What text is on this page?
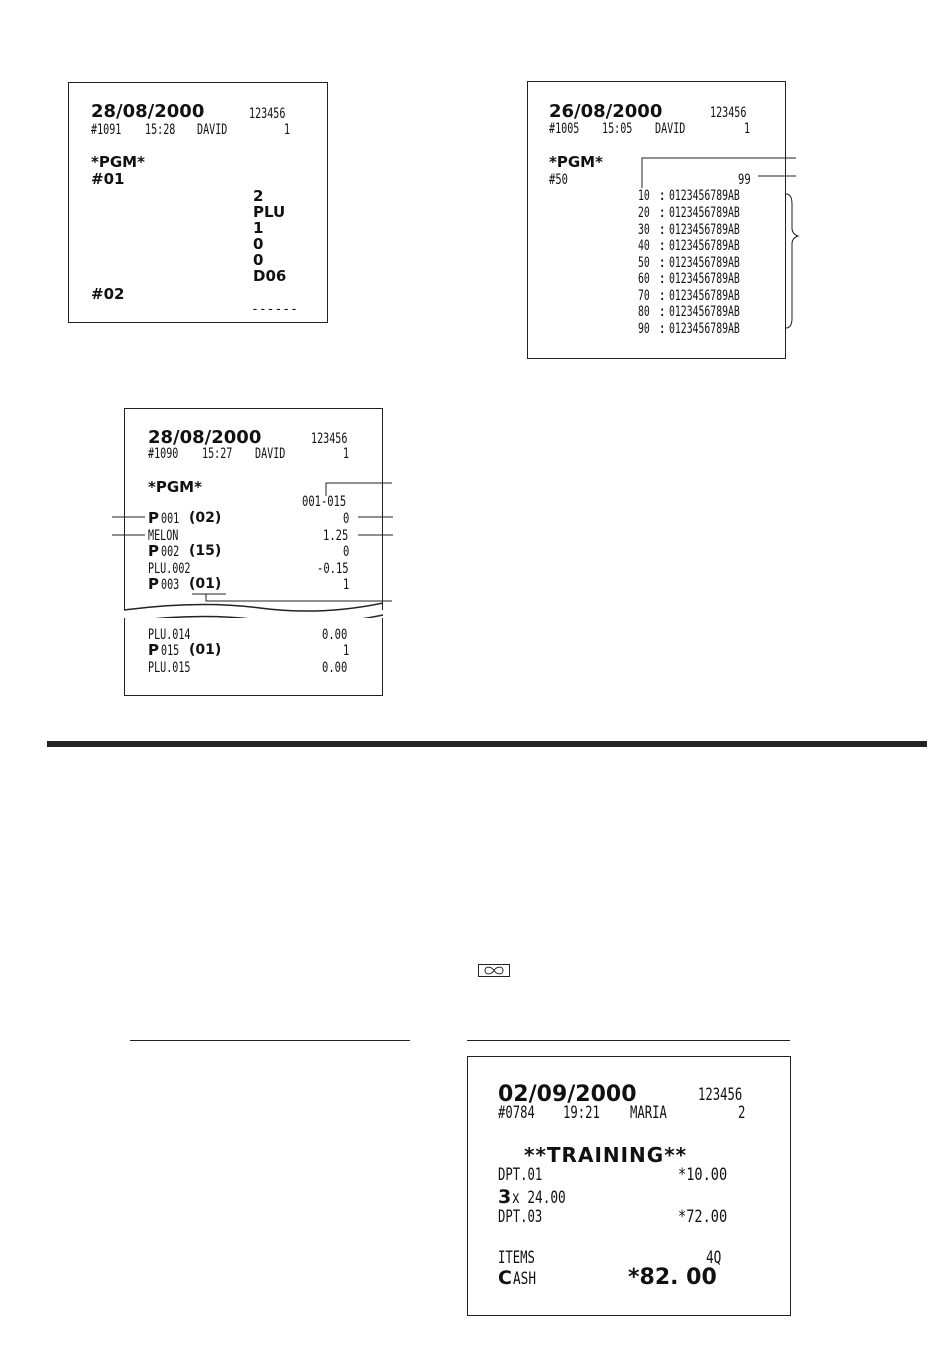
28/08/2000	123456
#1091 15:28 DAVID	1
*PGM*
#01
2
PLU
1
0
0
D06
#02
------
26/08/2000	123456
#1005 15:05 DAVID	1
*PGM*
#50	99
10 : 0123456789AB
20 : 0123456789AB
30 : 0123456789AB
40 : 0123456789AB
50 : 0123456789AB
60 : 0123456789AB
70 : 0123456789AB
80 : 0123456789AB
90 : 0123456789AB
28/08/2000	123456
#1090 15:27 DAVID	1
*PGM*
001-015
P 001 (02)	0
MELON	1.25
P 002 (15)	0
PLU.002	-0.15
P 003 (01)	1
PLU.014	0.00
P 015 (01)	1
PLU.015	0.00
02/09/2000	123456
#0784 19:21 MARIA	2
**TRAINING**
DPT.01	*10.00
3 x 24.00
DPT.03	*72.00
ITEMS	4Q
C ASH	*82. 00
